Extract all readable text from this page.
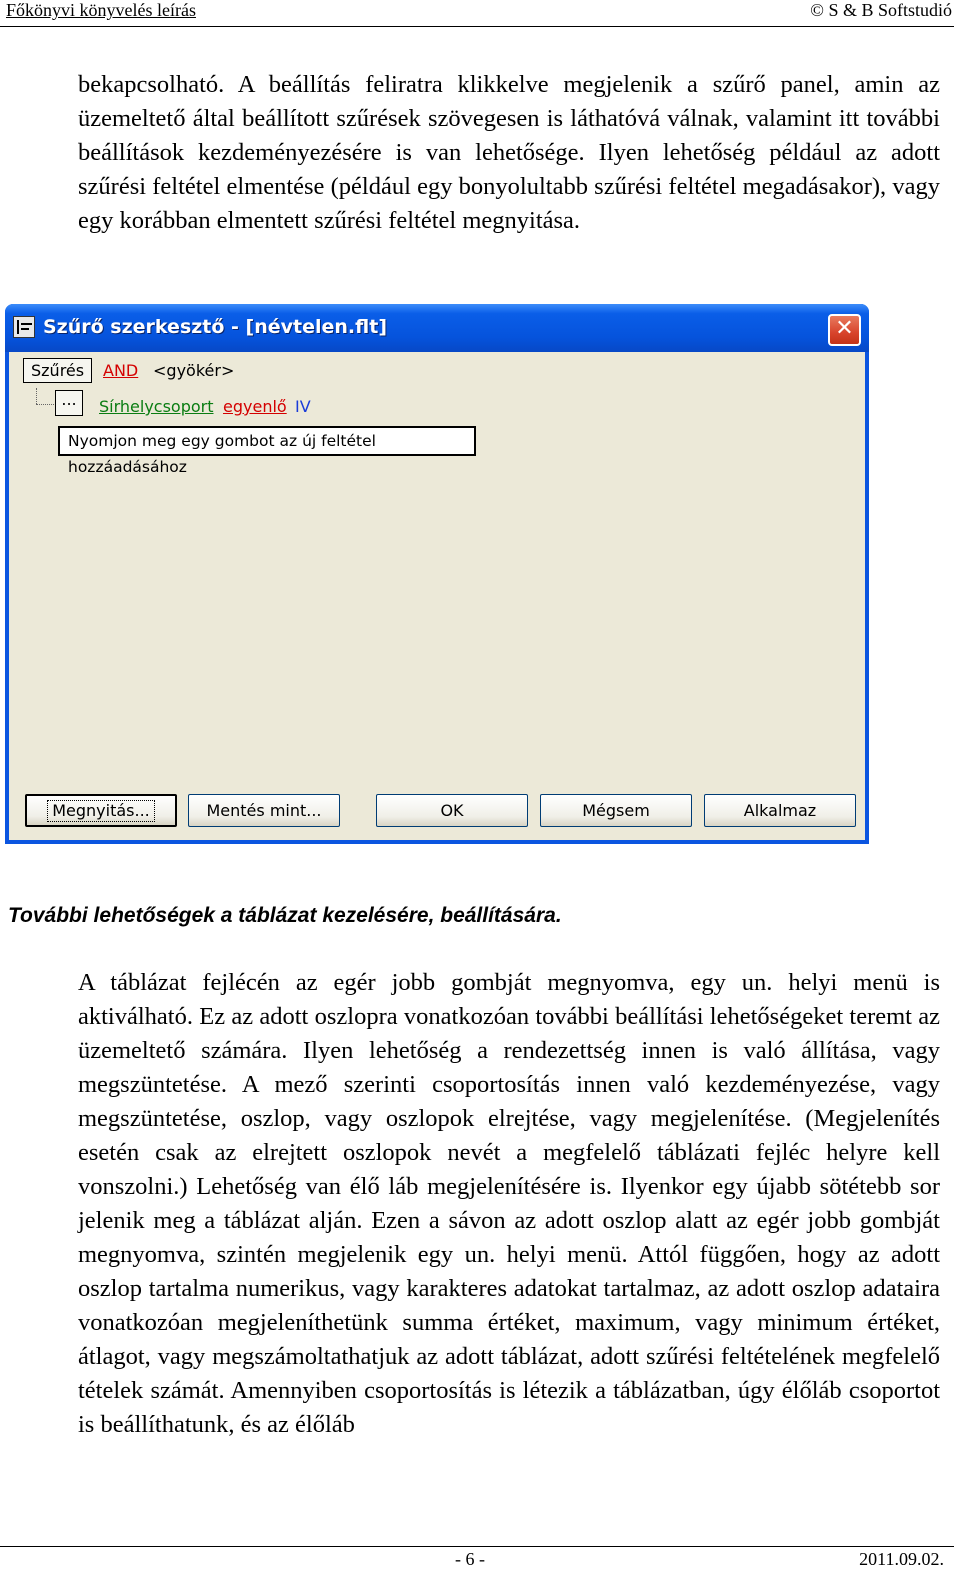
Főkönyvi könyvelés leírás	© S & B Softstudió

bekapcsolható. A beállítás feliratra klikkelve megjelenik a szűrő panel, amin az üzemeltető által beállított szűrések szövegesen is láthatóvá válnak, valamint itt további beállítások kezdeményezésére is van lehetősége. Ilyen lehetőség például az adott szűrési feltétel elmentése (például egy bonyolultabb szűrési feltétel megadásakor), vagy egy korábban elmentett szűrési feltétel megnyitása.

Szűrő szerkesztő - [névtelen.flt]	✕
Szűrés	AND <gyökér>
...	Sírhelycsoport egyenlő IV
Nyomjon meg egy gombot az új feltétel hozzáadásához
Megnyitás...	Mentés mint...	OK	Mégsem	Alkalmaz
További lehetőségek a táblázat kezelésére, beállítására.

A táblázat fejlécén az egér jobb gombját megnyomva, egy un. helyi menü is aktiválható. Ez az adott oszlopra vonatkozóan további beállítási lehetőségeket teremt az üzemeltető számára. Ilyen lehetőség a rendezettség innen is való állítása, vagy megszüntetése. A mező szerinti csoportosítás innen való kezdeményezése, vagy megszüntetése, oszlop, vagy oszlopok elrejtése, vagy megjelenítése. (Megjelenítés esetén csak az elrejtett oszlopok nevét a megfelelő táblázati fejléc helyre kell vonszolni.) Lehetőség van élő láb megjelenítésére is. Ilyenkor egy újabb sötétebb sor jelenik meg a táblázat alján. Ezen a sávon az adott oszlop alatt az egér jobb gombját megnyomva, szintén megjelenik egy un. helyi menü. Attól függően, hogy az adott oszlop tartalma numerikus, vagy karakteres adatokat tartalmaz, az adott oszlop adataira vonatkozóan megjeleníthetünk summa értéket, maximum, vagy minimum értéket, átlagot, vagy megszámoltathatjuk az adott táblázat, adott szűrési feltételének megfelelő tételek számát. Amennyiben csoportosítás is létezik a táblázatban, úgy élőláb csoportot is beállíthatunk, és az élőláb

- 6 -	2011.09.02.
